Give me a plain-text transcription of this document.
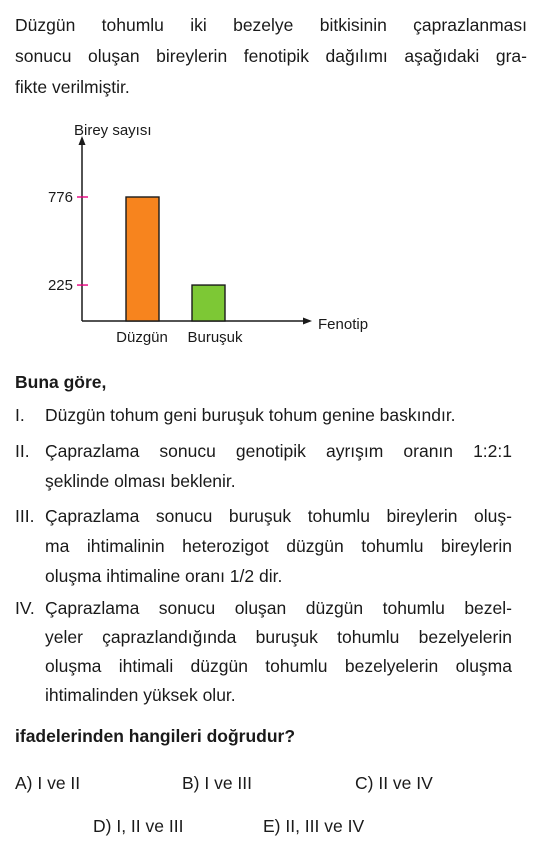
Düzgün tohumlu iki bezelye bitkisinin çaprazlanması
sonucu oluşan bireylerin fenotipik dağılımı aşağıdaki gra-
fikte verilmiştir.
Birey sayısı
Fenotip
776
225
Düzgün Buruşuk
Buna göre,
I. Düzgün tohum geni buruşuk tohum genine baskındır.
II. Çaprazlama sonucu genotipik ayrışım oranın 1:2:1
şeklinde olması beklenir.
III. Çaprazlama sonucu buruşuk tohumlu bireylerin oluş-
ma ihtimalinin heterozigot düzgün tohumlu bireylerin
oluşma ihtimaline oranı 1/2 dir.
IV. Çaprazlama sonucu oluşan düzgün tohumlu bezel-
yeler çaprazlandığında buruşuk tohumlu bezelyelerin
oluşma ihtimali düzgün tohumlu bezelyelerin oluşma
ihtimalinden yüksek olur.
ifadelerinden hangileri doğrudur?
A) I ve II	B) I ve III	C) II ve IV
D) I, II ve III	E) II, III ve IV
